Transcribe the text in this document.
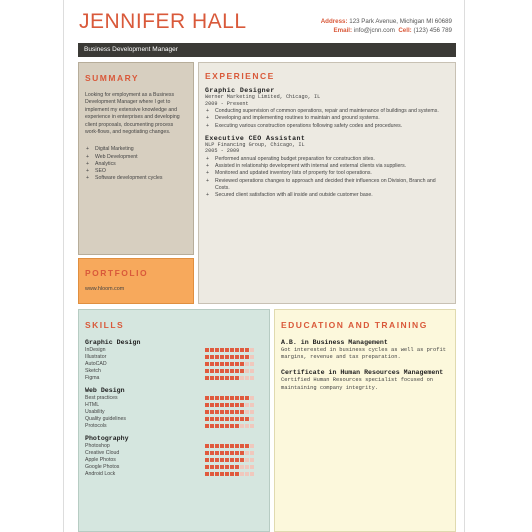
JENNIFER HALL	Address: 123 Park Avenue, Michigan MI 60689
Email: info@jcnn.com Cell: (123) 456 789
Business Development Manager
SUMMARY
Looking for employment as a Business Development Manager where I get to implement my extensive knowledge and experience in enterprises and developing client proposals, documenting process work-flows, and negotiating changes.
+ Digital Marketing
+ Web Development
+ Analytics
+ SEO
+ Software development cycles
PORTFOLIO
www.hloom.com
EXPERIENCE
Graphic Designer
Werner Marketing Limited, Chicago, IL
2009 - Present
+ Conducting supervision of common operations, repair and maintenance of buildings and systems.
+ Developing and implementing routines to maintain and ground systems.
+ Executing various construction operations following safety codes and procedures.
Executive CEO Assistant
NLP Financing Group, Chicago, IL
2005 - 2009
+ Performed annual operating budget preparation for construction sites.
+ Assisted in relationship development with internal and external clients via suppliers.
+ Monitored and updated inventory lists of property for tool operations.
+ Reviewed operations changes to approach and decided their influences on Division, Branch and Costs.
+ Secured client satisfaction with all inside and outside customer base.
SKILLS
Graphic Design
InDesign
Illustrator
AutoCAD
Sketch
Figma
Web Design
Best practices
HTML
Usability
Quality guidelines
Protocols
Photography
Photoshop
Creative Cloud
Apple Photos
Google Photos
Android Lock
EDUCATION AND TRAINING
A.B. in Business Management
Got interested in business cycles as well as profit margins, revenue and tax preparation.
Certificate in Human Resources Management
Certified Human Resources specialist focused on maintaining company integrity.
